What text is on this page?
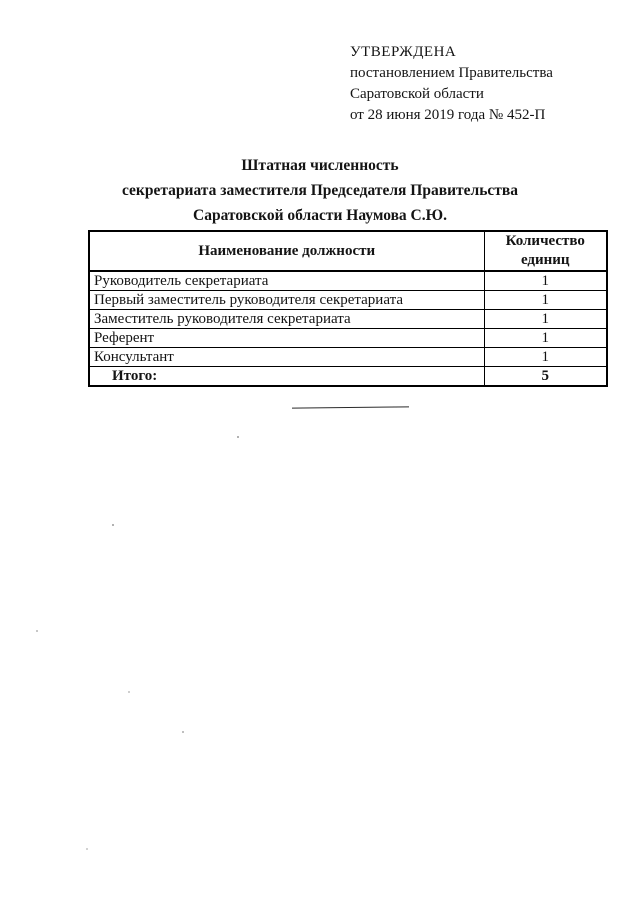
УТВЕРЖДЕНА
постановлением Правительства
Саратовской области
от 28 июня 2019 года № 452-П
Штатная численность
секретариата заместителя Председателя Правительства
Саратовской области Наумова С.Ю.
Наименование должности	Количество единиц
Руководитель секретариата	1
Первый заместитель руководителя секретариата	1
Заместитель руководителя секретариата	1
Референт	1
Консультант	1
Итого:	5
